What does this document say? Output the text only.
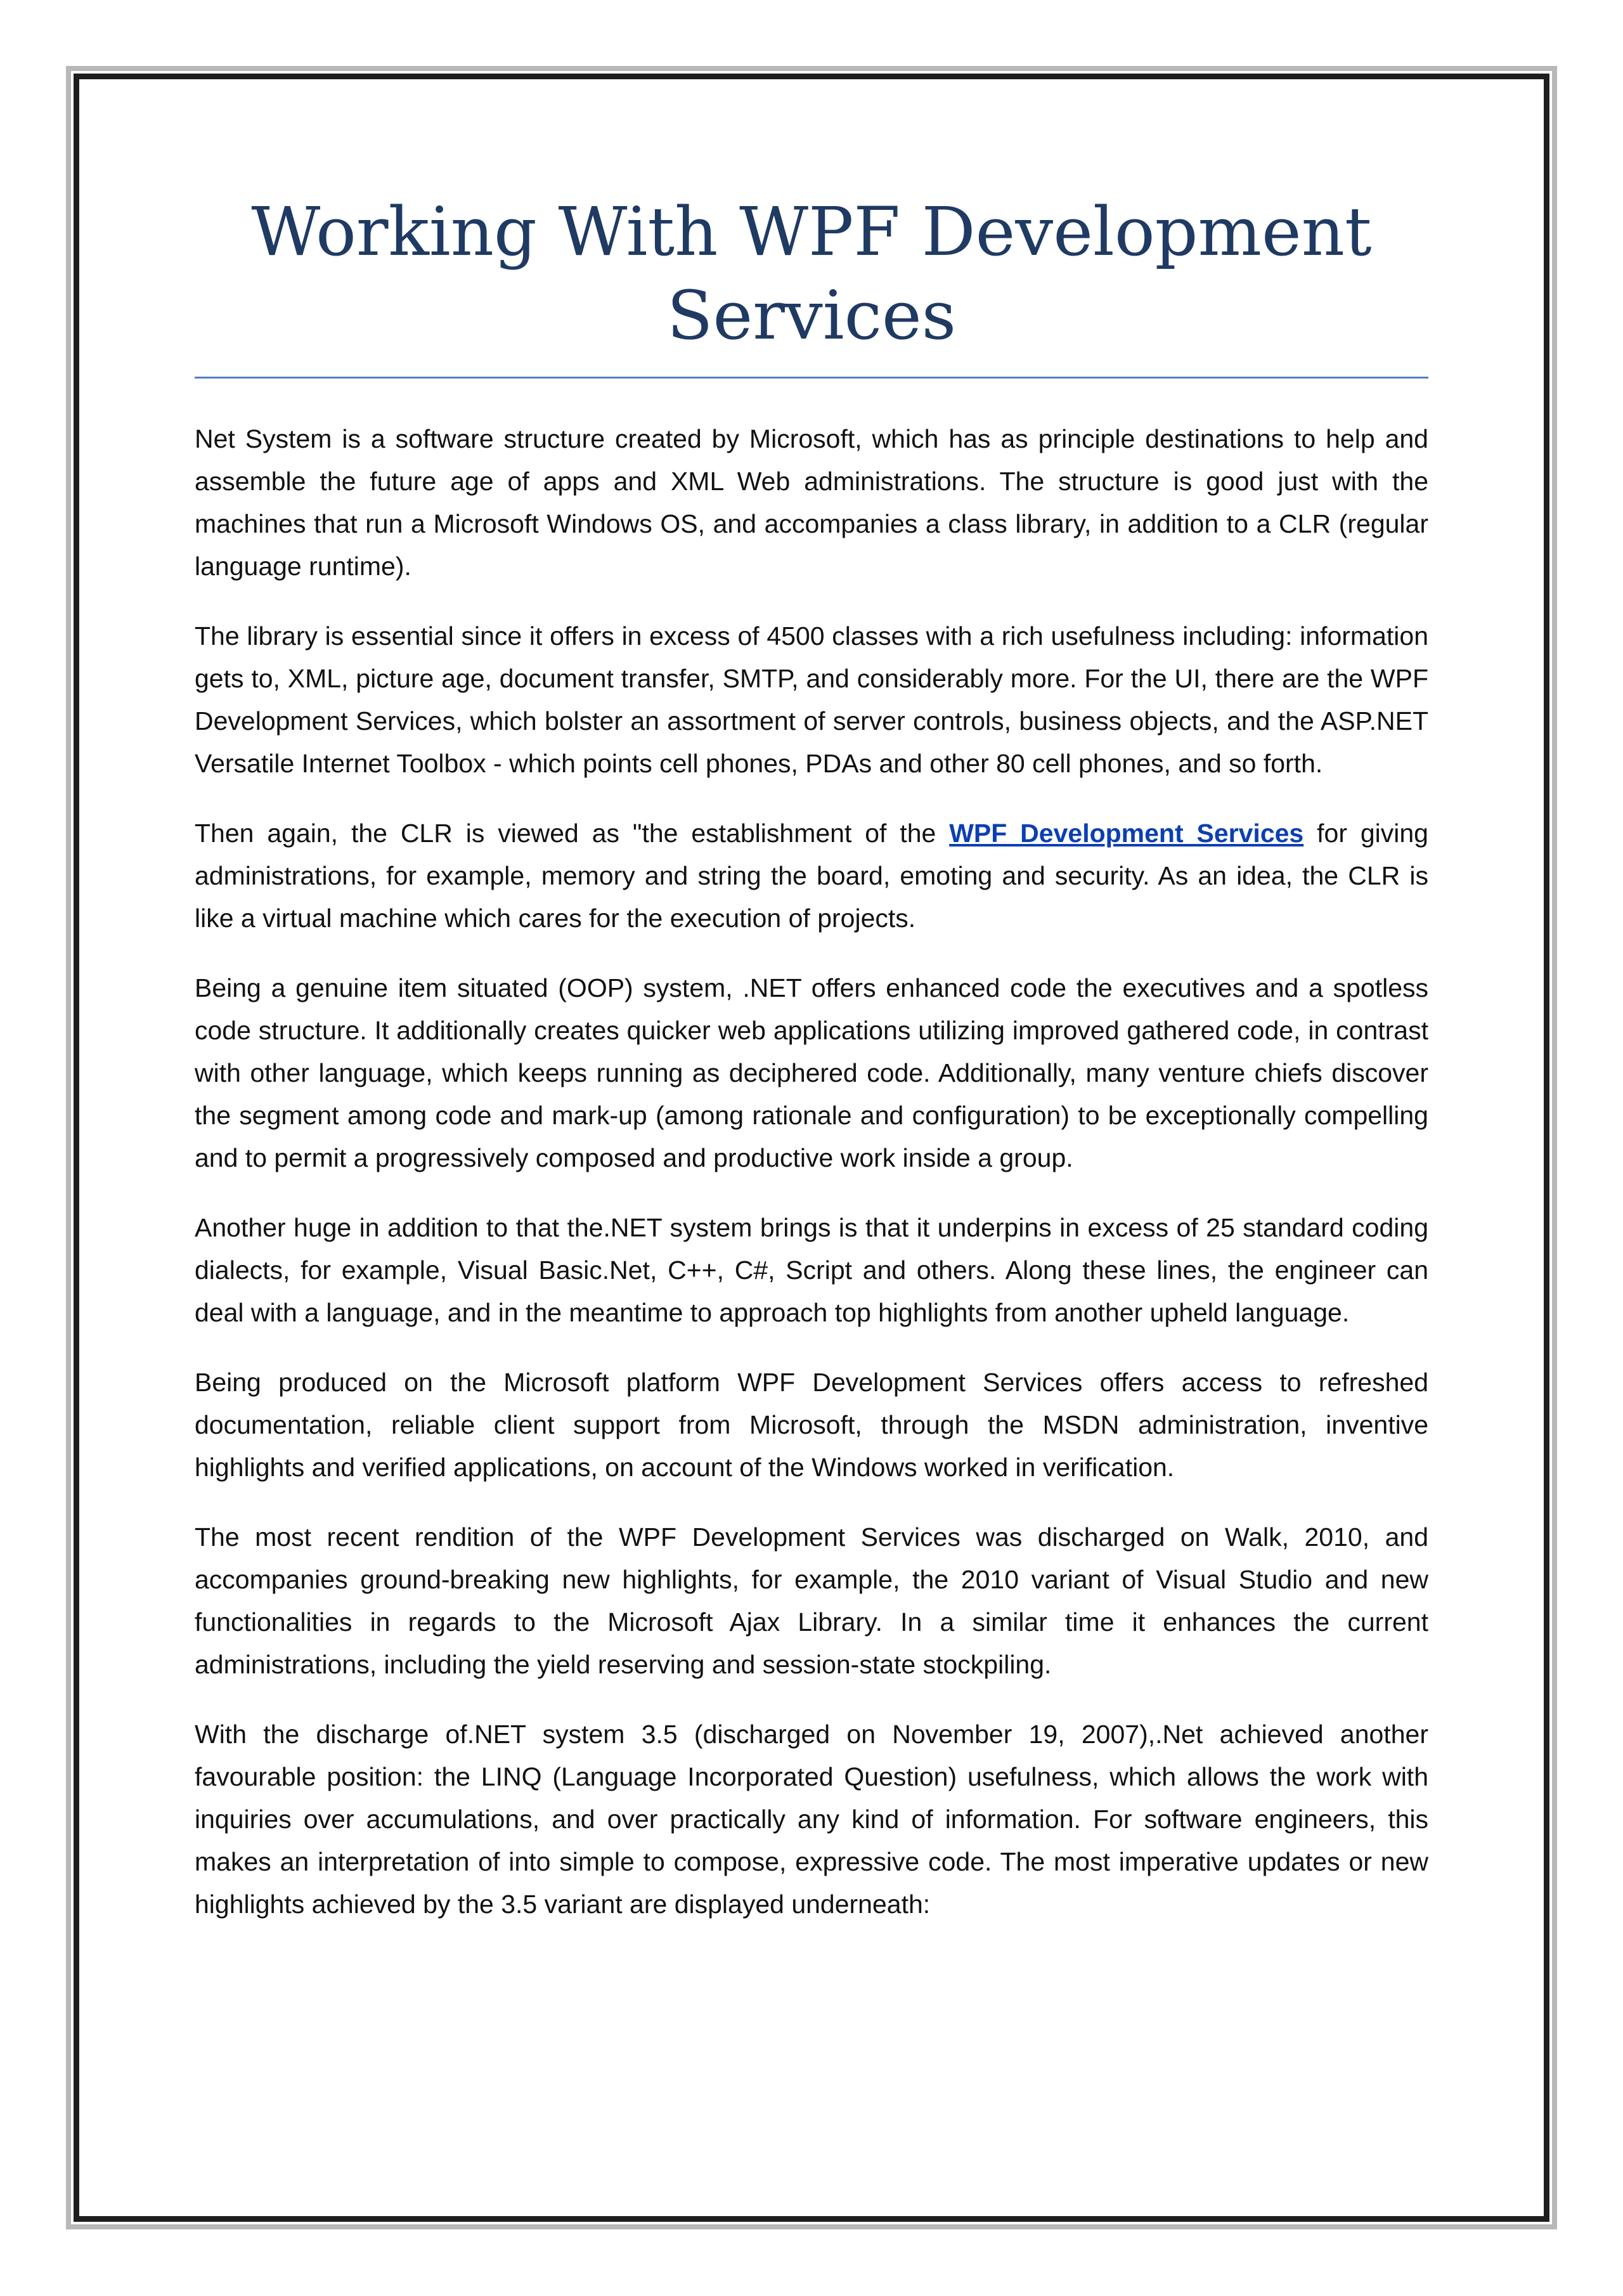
Working With WPF Development Services

Net System is a software structure created by Microsoft, which has as principle destinations to help and assemble the future age of apps and XML Web administrations. The structure is good just with the machines that run a Microsoft Windows OS, and accompanies a class library, in addition to a CLR (regular language runtime).

The library is essential since it offers in excess of 4500 classes with a rich usefulness including: information gets to, XML, picture age, document transfer, SMTP, and considerably more. For the UI, there are the WPF Development Services, which bolster an assortment of server controls, business objects, and the ASP.NET Versatile Internet Toolbox - which points cell phones, PDAs and other 80 cell phones, and so forth.

Then again, the CLR is viewed as "the establishment of the WPF Development Services for giving administrations, for example, memory and string the board, emoting and security. As an idea, the CLR is like a virtual machine which cares for the execution of projects.

Being a genuine item situated (OOP) system, .NET offers enhanced code the executives and a spotless code structure. It additionally creates quicker web applications utilizing improved gathered code, in contrast with other language, which keeps running as deciphered code. Additionally, many venture chiefs discover the segment among code and mark-up (among rationale and configuration) to be exceptionally compelling and to permit a progressively composed and productive work inside a group.

Another huge in addition to that the.NET system brings is that it underpins in excess of 25 standard coding dialects, for example, Visual Basic.Net, C++, C#, Script and others. Along these lines, the engineer can deal with a language, and in the meantime to approach top highlights from another upheld language.

Being produced on the Microsoft platform WPF Development Services offers access to refreshed documentation, reliable client support from Microsoft, through the MSDN administration, inventive highlights and verified applications, on account of the Windows worked in verification.

The most recent rendition of the WPF Development Services was discharged on Walk, 2010, and accompanies ground-breaking new highlights, for example, the 2010 variant of Visual Studio and new functionalities in regards to the Microsoft Ajax Library. In a similar time it enhances the current administrations, including the yield reserving and session-state stockpiling.

With the discharge of.NET system 3.5 (discharged on November 19, 2007),.Net achieved another favourable position: the LINQ (Language Incorporated Question) usefulness, which allows the work with inquiries over accumulations, and over practically any kind of information. For software engineers, this makes an interpretation of into simple to compose, expressive code. The most imperative updates or new highlights achieved by the 3.5 variant are displayed underneath:
